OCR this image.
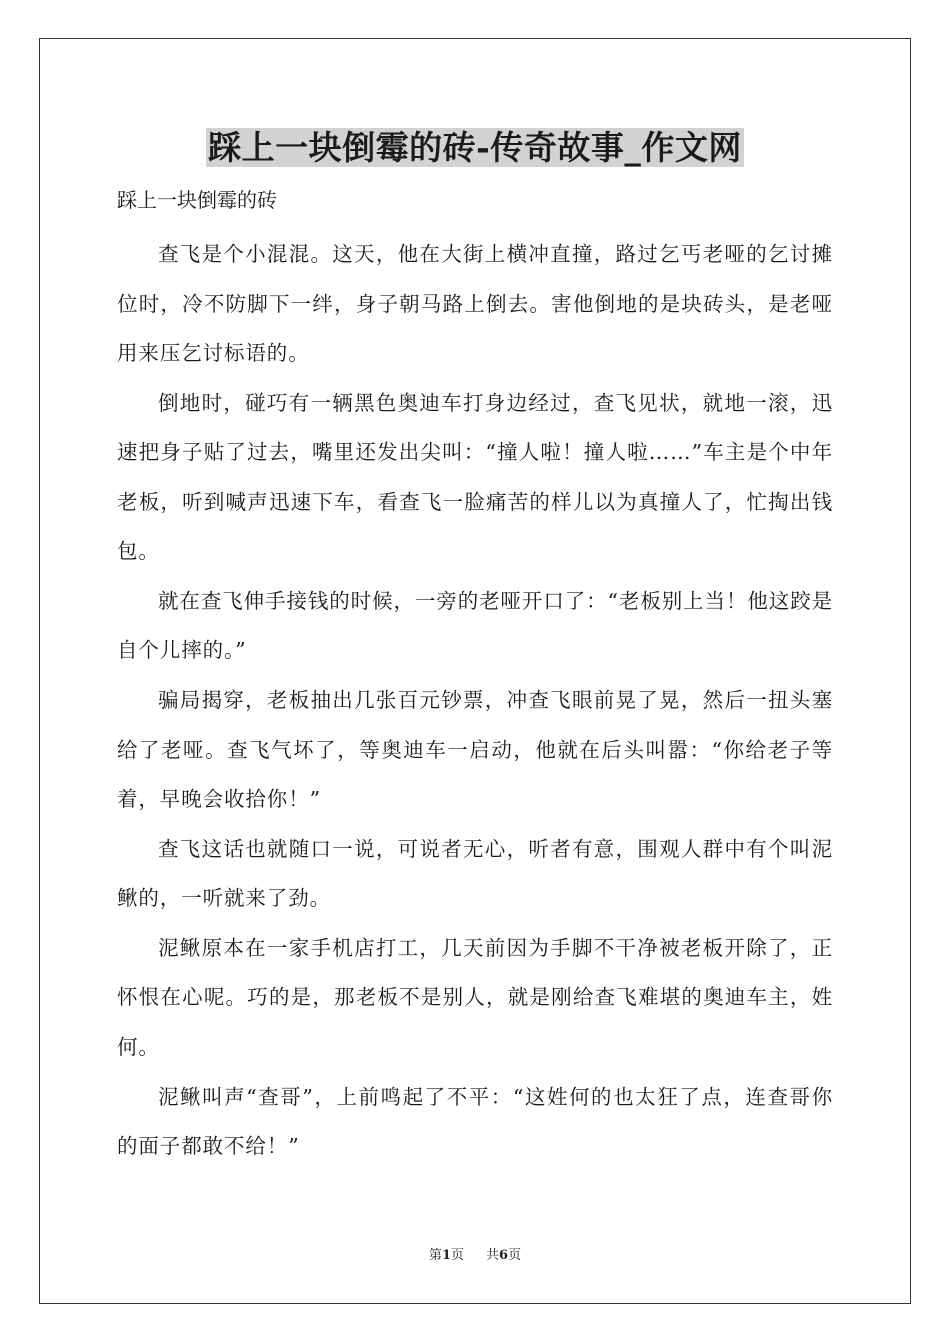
踩上一块倒霉的砖-传奇故事_作文网

踩上一块倒霉的砖

查飞是个小混混。这天，他在大街上横冲直撞，路过乞丐老哑的乞讨摊位时，冷不防脚下一绊，身子朝马路上倒去。害他倒地的是块砖头，是老哑用来压乞讨标语的。

倒地时，碰巧有一辆黑色奥迪车打身边经过，查飞见状，就地一滚，迅速把身子贴了过去，嘴里还发出尖叫：“撞人啦！撞人啦……”车主是个中年老板，听到喊声迅速下车，看查飞一脸痛苦的样儿以为真撞人了，忙掏出钱包。

就在查飞伸手接钱的时候，一旁的老哑开口了：“老板别上当！他这跤是自个儿摔的。”

骗局揭穿，老板抽出几张百元钞票，冲查飞眼前晃了晃，然后一扭头塞给了老哑。查飞气坏了，等奥迪车一启动，他就在后头叫嚣：“你给老子等着，早晚会收拾你！”

查飞这话也就随口一说，可说者无心，听者有意，围观人群中有个叫泥鳅的，一听就来了劲。

泥鳅原本在一家手机店打工，几天前因为手脚不干净被老板开除了，正怀恨在心呢。巧的是，那老板不是别人，就是刚给查飞难堪的奥迪车主，姓何。

泥鳅叫声“查哥”，上前鸣起了不平：“这姓何的也太狂了点，连查哥你的面子都敢不给！”

第1页 共6页
